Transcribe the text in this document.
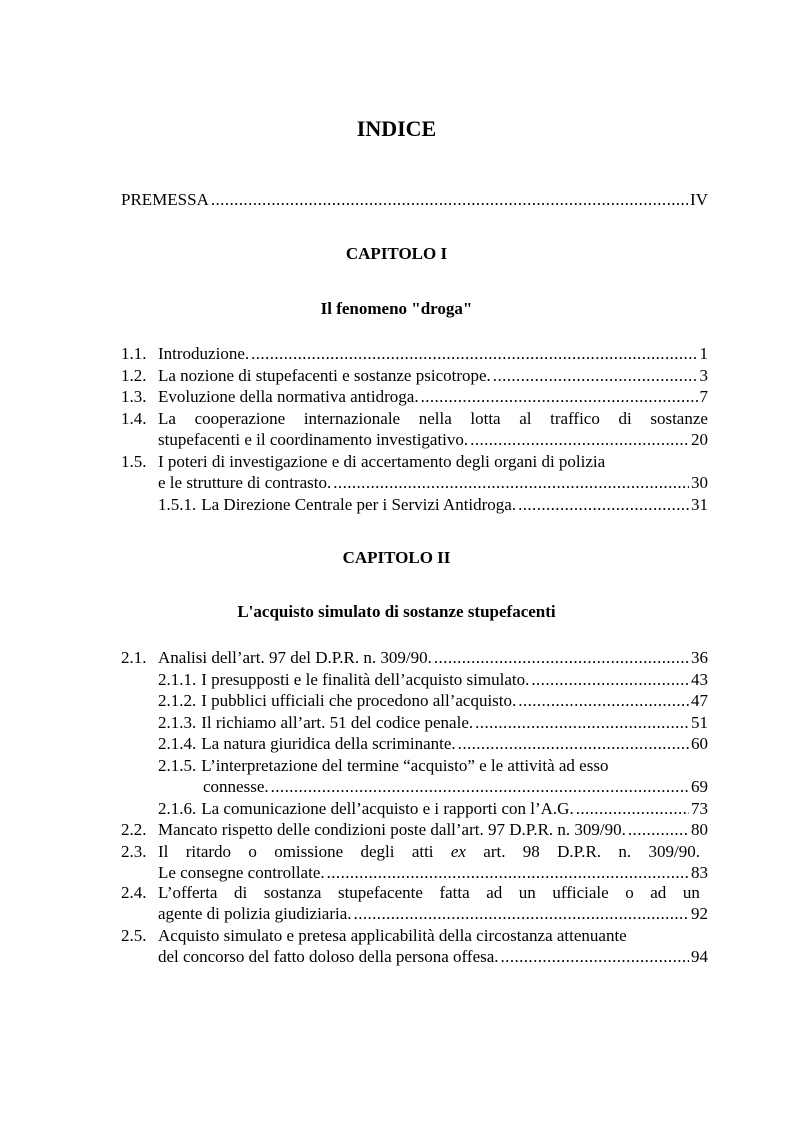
INDICE
PREMESSA .....	IV
CAPITOLO I
Il fenomeno "droga"
1.1. Introduzione. .....	1
1.2. La nozione di stupefacenti e sostanze psicotrope. .....	3
1.3. Evoluzione della normativa antidroga. .....	7
1.4. La cooperazione internazionale nella lotta al traffico di sostanze
stupefacenti e il coordinamento investigativo. .....	20
1.5. I poteri di investigazione e di accertamento degli organi di polizia
e le strutture di contrasto. .....	30
1.5.1. La Direzione Centrale per i Servizi Antidroga. .....	31
CAPITOLO II
L'acquisto simulato di sostanze stupefacenti
2.1. Analisi dell’art. 97 del D.P.R. n. 309/90. .....	36
2.1.1. I presupposti e le finalità dell’acquisto simulato. .....	43
2.1.2. I pubblici ufficiali che procedono all’acquisto. .....	47
2.1.3. Il richiamo all’art. 51 del codice penale. .....	51
2.1.4. La natura giuridica della scriminante. .....	60
2.1.5. L’interpretazione del termine “acquisto” e le attività ad esso
connesse. .....	69
2.1.6. La comunicazione dell’acquisto e i rapporti con l’A.G. .....	73
2.2. Mancato rispetto delle condizioni poste dall’art. 97 D.P.R. n. 309/90. .....	80
2.3. Il ritardo o omissione degli atti ex art. 98 D.P.R. n. 309/90.
Le consegne controllate. .....	83
2.4. L’offerta di sostanza stupefacente fatta ad un ufficiale o ad un
agente di polizia giudiziaria. .....	92
2.5. Acquisto simulato e pretesa applicabilità della circostanza attenuante
del concorso del fatto doloso della persona offesa. .....	94
